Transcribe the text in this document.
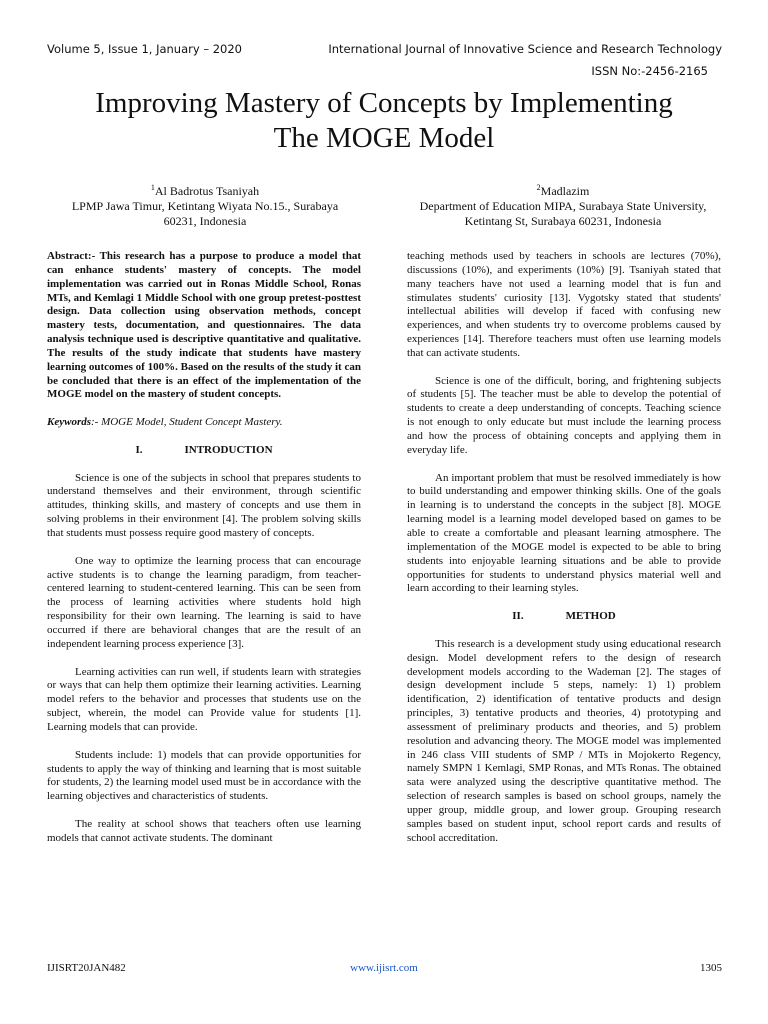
Volume 5, Issue 1, January – 2020	International Journal of Innovative Science and Research Technology
ISSN No:-2456-2165
Improving Mastery of Concepts by Implementing
The MOGE Model
$^1$Al Badrotus Tsaniyah
LPMP Jawa Timur, Ketintang Wiyata No.15., Surabaya
60231, Indonesia
$^2$Madlazim
Department of Education MIPA, Surabaya State University,
Ketintang St, Surabaya 60231, Indonesia

Abstract:- This research has a purpose to produce a model that can enhance students' mastery of concepts. The model implementation was carried out in Ronas Middle School, Ronas MTs, and Kemlagi 1 Middle School with one group pretest-posttest design. Data collection using observation methods, concept mastery tests, documentation, and questionnaires. The data analysis technique used is descriptive quantitative and qualitative. The results of the study indicate that students have mastery learning outcomes of 100%. Based on the results of the study it can be concluded that there is an effect of the implementation of the MOGE model on the mastery of student concepts.

Keywords:- MOGE Model, Student Concept Mastery.

I.	INTRODUCTION

Science is one of the subjects in school that prepares students to understand themselves and their environment, through scientific attitudes, thinking skills, and mastery of concepts and use them in solving problems in their environment [4]. The problem solving skills that students must possess require good mastery of concepts.

One way to optimize the learning process that can encourage active students is to change the learning paradigm, from teacher-centered learning to student-centered learning. This can be seen from the process of learning activities where students hold high responsibility for their own learning. The learning is said to have occurred if there are behavioral changes that are the result of an independent learning process experience [3].

Learning activities can run well, if students learn with strategies or ways that can help them optimize their learning activities. Learning model refers to the behavior and processes that students use on the subject, wherein, the model can Provide value for students [1]. Learning models that can provide.

Students include: 1) models that can provide opportunities for students to apply the way of thinking and learning that is most suitable for students, 2) the learning model used must be in accordance with the learning objectives and characteristics of students.

The reality at school shows that teachers often use learning models that cannot activate students. The dominant

teaching methods used by teachers in schools are lectures (70%), discussions (10%), and experiments (10%) [9]. Tsaniyah stated that many teachers have not used a learning model that is fun and stimulates students' curiosity [13]. Vygotsky stated that students' intellectual abilities will develop if faced with confusing new experiences, and when students try to overcome problems caused by experiences [14]. Therefore teachers must often use learning models that can activate students.

Science is one of the difficult, boring, and frightening subjects of students [5]. The teacher must be able to develop the potential of students to create a deep understanding of concepts. Teaching science is not enough to only educate but must include the learning process and how the process of obtaining concepts and applying them in everyday life.

An important problem that must be resolved immediately is how to build understanding and empower thinking skills. One of the goals in learning is to understand the concepts in the subject [8]. MOGE learning model is a learning model developed based on games to be able to create a comfortable and pleasant learning atmosphere. The implementation of the MOGE model is expected to be able to bring students into enjoyable learning situations and be able to provide opportunities for students to understand physics material well and learn according to their learning styles.

II.	METHOD

This research is a development study using educational research design. Model development refers to the design of research development models according to the Wademan [2]. The stages of design development include 5 steps, namely: 1) 1) problem identification, 2) identification of tentative products and design principles, 3) tentative products and theories, 4) prototyping and assessment of preliminary products and theories, and 5) problem resolution and advancing theory. The MOGE model was implemented in 246 class VIII students of SMP / MTs in Mojokerto Regency, namely SMPN 1 Kemlagi, SMP Ronas, and MTs Ronas. The obtained sata were analyzed using the descriptive quantitative method. The selection of research samples is based on school groups, namely the upper group, middle group, and lower group. Grouping research samples based on student input, school report cards and results of school accreditation.

IJISRT20JAN482	www.ijisrt.com	1305
